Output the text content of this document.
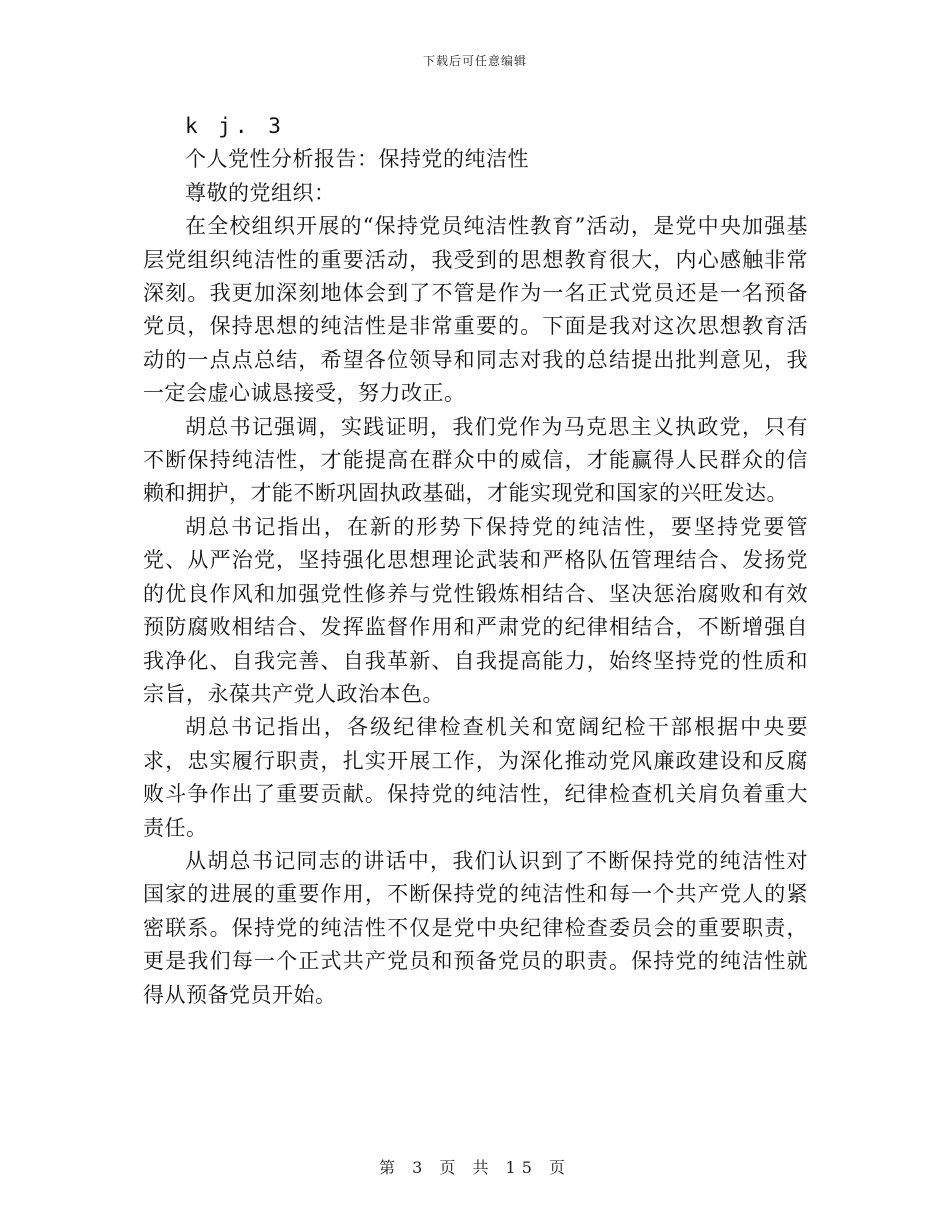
下载后可任意编辑

k j. 3

个人党性分析报告：保持党的纯洁性

尊敬的党组织：

在全校组织开展的“保持党员纯洁性教育”活动，是党中央加强基层党组织纯洁性的重要活动，我受到的思想教育很大，内心感触非常深刻。我更加深刻地体会到了不管是作为一名正式党员还是一名预备党员，保持思想的纯洁性是非常重要的。下面是我对这次思想教育活动的一点点总结，希望各位领导和同志对我的总结提出批判意见，我一定会虚心诚恳接受，努力改正。

胡总书记强调，实践证明，我们党作为马克思主义执政党，只有不断保持纯洁性，才能提高在群众中的威信，才能赢得人民群众的信赖和拥护，才能不断巩固执政基础，才能实现党和国家的兴旺发达。

胡总书记指出，在新的形势下保持党的纯洁性，要坚持党要管党、从严治党，坚持强化思想理论武装和严格队伍管理结合、发扬党的优良作风和加强党性修养与党性锻炼相结合、坚决惩治腐败和有效预防腐败相结合、发挥监督作用和严肃党的纪律相结合，不断增强自我净化、自我完善、自我革新、自我提高能力，始终坚持党的性质和宗旨，永葆共产党人政治本色。

胡总书记指出，各级纪律检查机关和宽阔纪检干部根据中央要求，忠实履行职责，扎实开展工作，为深化推动党风廉政建设和反腐败斗争作出了重要贡献。保持党的纯洁性，纪律检查机关肩负着重大责任。

从胡总书记同志的讲话中，我们认识到了不断保持党的纯洁性对国家的进展的重要作用，不断保持党的纯洁性和每一个共产党人的紧密联系。保持党的纯洁性不仅是党中央纪律检查委员会的重要职责，更是我们每一个正式共产党员和预备党员的职责。保持党的纯洁性就得从预备党员开始。

第 3 页 共 15 页
